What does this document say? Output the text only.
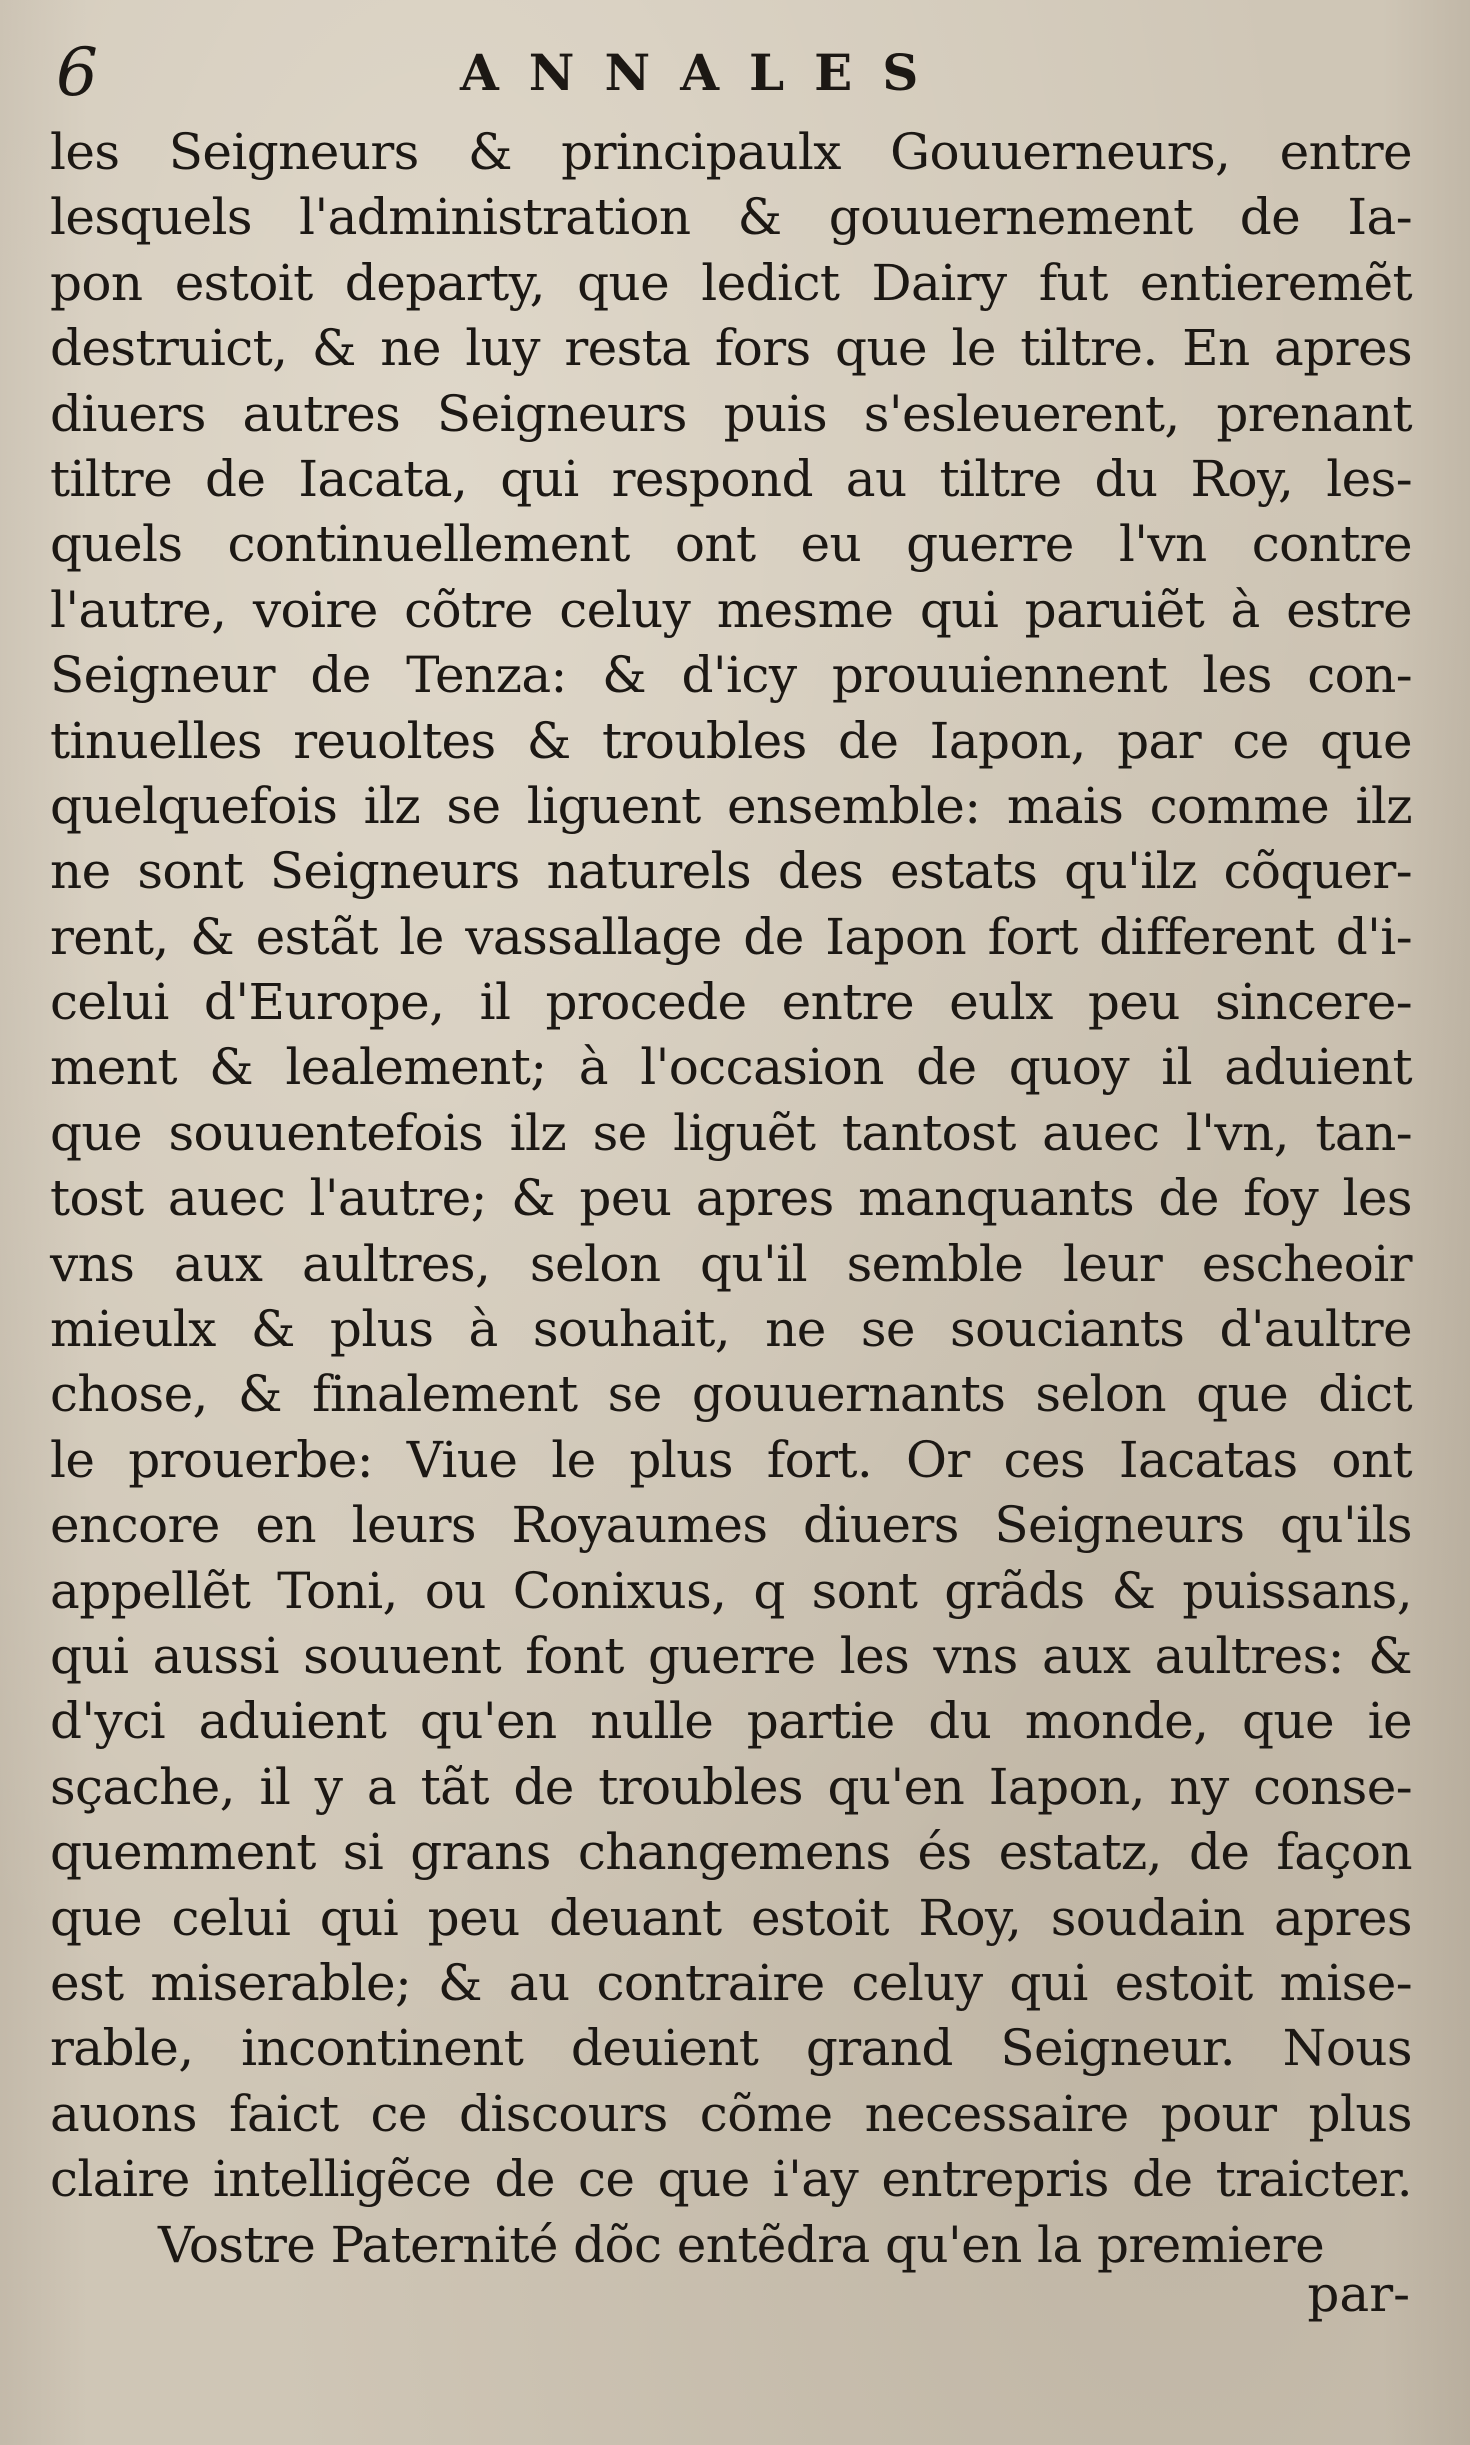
6	ANNALES
les Seigneurs & principaulx Gouuerneurs, entre
lesquels l'administration & gouuernement de Ia-
pon estoit departy, que ledict Dairy fut entieremẽt
destruict, & ne luy resta fors que le tiltre. En apres
diuers autres Seigneurs puis s'esleuerent, prenant
tiltre de Iacata, qui respond au tiltre du Roy, les-
quels continuellement ont eu guerre l'vn contre
l'autre, voire cõtre celuy mesme qui paruiẽt à estre
Seigneur de Tenza: & d'icy prouuiennent les con-
tinuelles reuoltes & troubles de Iapon, par ce que
quelquefois ilz se liguent ensemble: mais comme ilz
ne sont Seigneurs naturels des estats qu'ilz cõquer-
rent, & estãt le vassallage de Iapon fort different d'i-
celui d'Europe, il procede entre eulx peu sincere-
ment & lealement; à l'occasion de quoy il aduient
que souuentefois ilz se liguẽt tantost auec l'vn, tan-
tost auec l'autre; & peu apres manquants de foy les
vns aux aultres, selon qu'il semble leur escheoir
mieulx & plus à souhait, ne se souciants d'aultre
chose, & finalement se gouuernants selon que dict
le prouerbe: Viue le plus fort. Or ces Iacatas ont
encore en leurs Royaumes diuers Seigneurs qu'ils
appellẽt Toni, ou Conixus, q sont grãds & puissans,
qui aussi souuent font guerre les vns aux aultres: &
d'yci aduient qu'en nulle partie du monde, que ie
sçache, il y a tãt de troubles qu'en Iapon, ny conse-
quemment si grans changemens és estatz, de façon
que celui qui peu deuant estoit Roy, soudain apres
est miserable; & au contraire celuy qui estoit mise-
rable, incontinent deuient grand Seigneur. Nous
auons faict ce discours cõme necessaire pour plus
claire intelligẽce de ce que i'ay entrepris de traicter.
Vostre Paternité dõc entẽdra qu'en la premiere
par-
